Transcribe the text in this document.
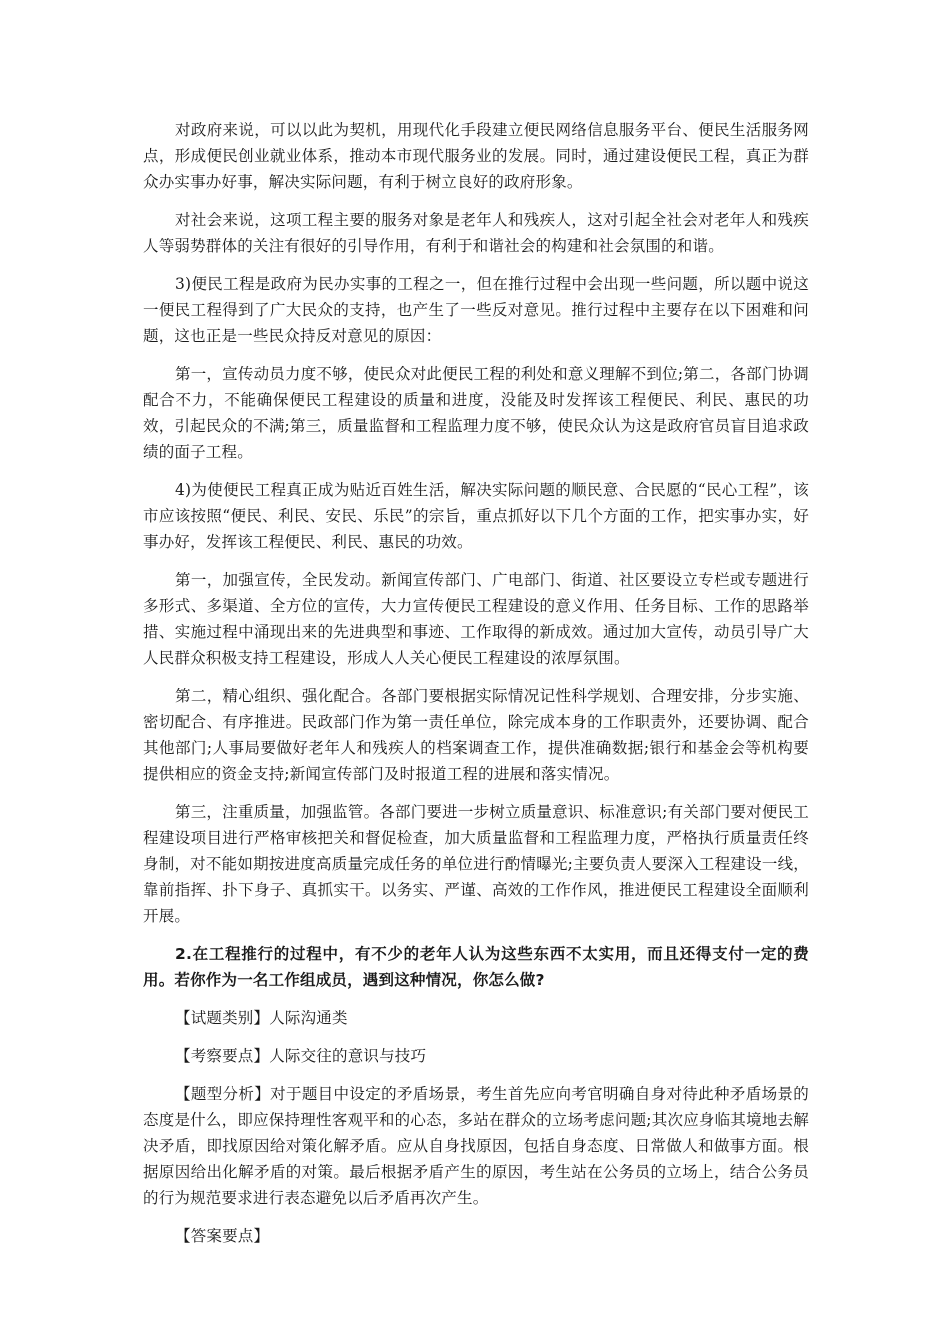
对政府来说，可以以此为契机，用现代化手段建立便民网络信息服务平台、便民生活服务网点，形成便民创业就业体系，推动本市现代服务业的发展。同时，通过建设便民工程，真正为群众办实事办好事，解决实际问题，有利于树立良好的政府形象。

对社会来说，这项工程主要的服务对象是老年人和残疾人，这对引起全社会对老年人和残疾人等弱势群体的关注有很好的引导作用，有利于和谐社会的构建和社会氛围的和谐。

3)便民工程是政府为民办实事的工程之一，但在推行过程中会出现一些问题，所以题中说这一便民工程得到了广大民众的支持，也产生了一些反对意见。推行过程中主要存在以下困难和问题，这也正是一些民众持反对意见的原因：

第一，宣传动员力度不够，使民众对此便民工程的利处和意义理解不到位;第二，各部门协调配合不力，不能确保便民工程建设的质量和进度，没能及时发挥该工程便民、利民、惠民的功效，引起民众的不满;第三，质量监督和工程监理力度不够，使民众认为这是政府官员盲目追求政绩的面子工程。

4)为使便民工程真正成为贴近百姓生活，解决实际问题的顺民意、合民愿的“民心工程”，该市应该按照“便民、利民、安民、乐民”的宗旨，重点抓好以下几个方面的工作，把实事办实，好事办好，发挥该工程便民、利民、惠民的功效。

第一，加强宣传，全民发动。新闻宣传部门、广电部门、街道、社区要设立专栏或专题进行多形式、多渠道、全方位的宣传，大力宣传便民工程建设的意义作用、任务目标、工作的思路举措、实施过程中涌现出来的先进典型和事迹、工作取得的新成效。通过加大宣传，动员引导广大人民群众积极支持工程建设，形成人人关心便民工程建设的浓厚氛围。

第二，精心组织、强化配合。各部门要根据实际情况记性科学规划、合理安排，分步实施、密切配合、有序推进。民政部门作为第一责任单位，除完成本身的工作职责外，还要协调、配合其他部门;人事局要做好老年人和残疾人的档案调查工作，提供准确数据;银行和基金会等机构要提供相应的资金支持;新闻宣传部门及时报道工程的进展和落实情况。

第三，注重质量，加强监管。各部门要进一步树立质量意识、标准意识;有关部门要对便民工程建设项目进行严格审核把关和督促检查，加大质量监督和工程监理力度，严格执行质量责任终身制，对不能如期按进度高质量完成任务的单位进行酌情曝光;主要负责人要深入工程建设一线，靠前指挥、扑下身子、真抓实干。以务实、严谨、高效的工作作风，推进便民工程建设全面顺利开展。

2.在工程推行的过程中，有不少的老年人认为这些东西不太实用，而且还得支付一定的费用。若你作为一名工作组成员，遇到这种情况，你怎么做?

【试题类别】人际沟通类

【考察要点】人际交往的意识与技巧

【题型分析】对于题目中设定的矛盾场景，考生首先应向考官明确自身对待此种矛盾场景的态度是什么，即应保持理性客观平和的心态，多站在群众的立场考虑问题;其次应身临其境地去解决矛盾，即找原因给对策化解矛盾。应从自身找原因，包括自身态度、日常做人和做事方面。根据原因给出化解矛盾的对策。最后根据矛盾产生的原因，考生站在公务员的立场上，结合公务员的行为规范要求进行表态避免以后矛盾再次产生。

【答案要点】
